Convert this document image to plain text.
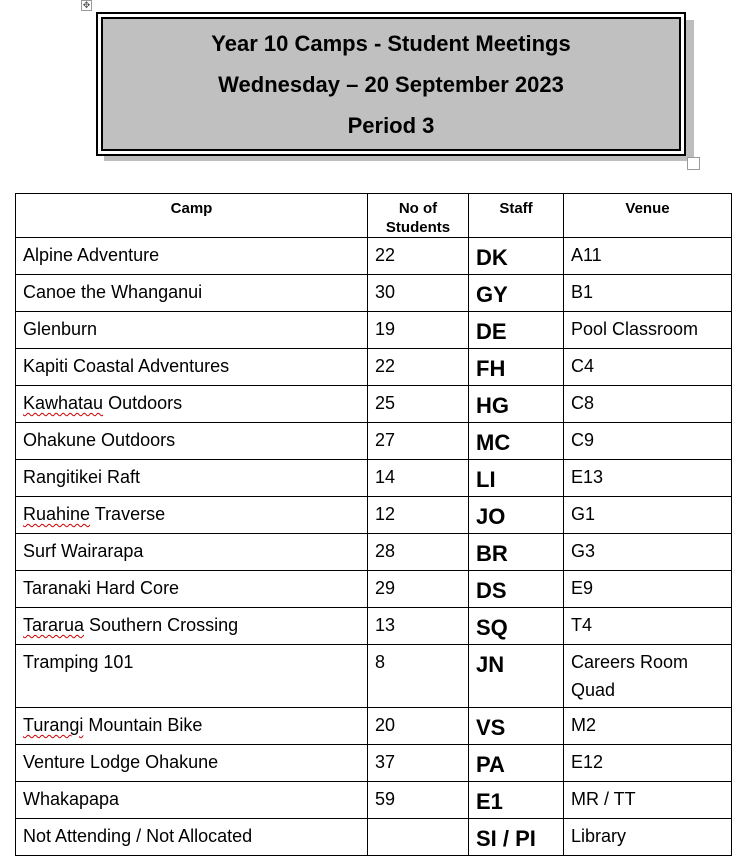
✥
Year 10 Camps - Student Meetings
Wednesday – 20 September 2023
Period 3
Camp	No of Students	Staff	Venue
Alpine Adventure	22	DK	A11
Canoe the Whanganui	30	GY	B1
Glenburn	19	DE	Pool Classroom
Kapiti Coastal Adventures	22	FH	C4
Kawhatau Outdoors	25	HG	C8
Ohakune Outdoors	27	MC	C9
Rangitikei Raft	14	LI	E13
Ruahine Traverse	12	JO	G1
Surf Wairarapa	28	BR	G3
Taranaki Hard Core	29	DS	E9
Tararua Southern Crossing	13	SQ	T4
Tramping 101	8	JN	Careers Room Quad
Turangi Mountain Bike	20	VS	M2
Venture Lodge Ohakune	37	PA	E12
Whakapapa	59	E1	MR / TT
Not Attending / Not Allocated		SI / PI	Library
